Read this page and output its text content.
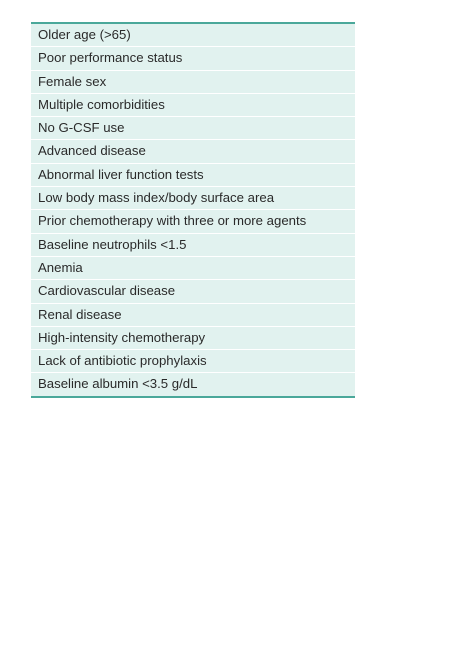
Older age (>65)
Poor performance status
Female sex
Multiple comorbidities
No G-CSF use
Advanced disease
Abnormal liver function tests
Low body mass index/body surface area
Prior chemotherapy with three or more agents
Baseline neutrophils <1.5
Anemia
Cardiovascular disease
Renal disease
High-intensity chemotherapy
Lack of antibiotic prophylaxis
Baseline albumin <3.5 g/dL
